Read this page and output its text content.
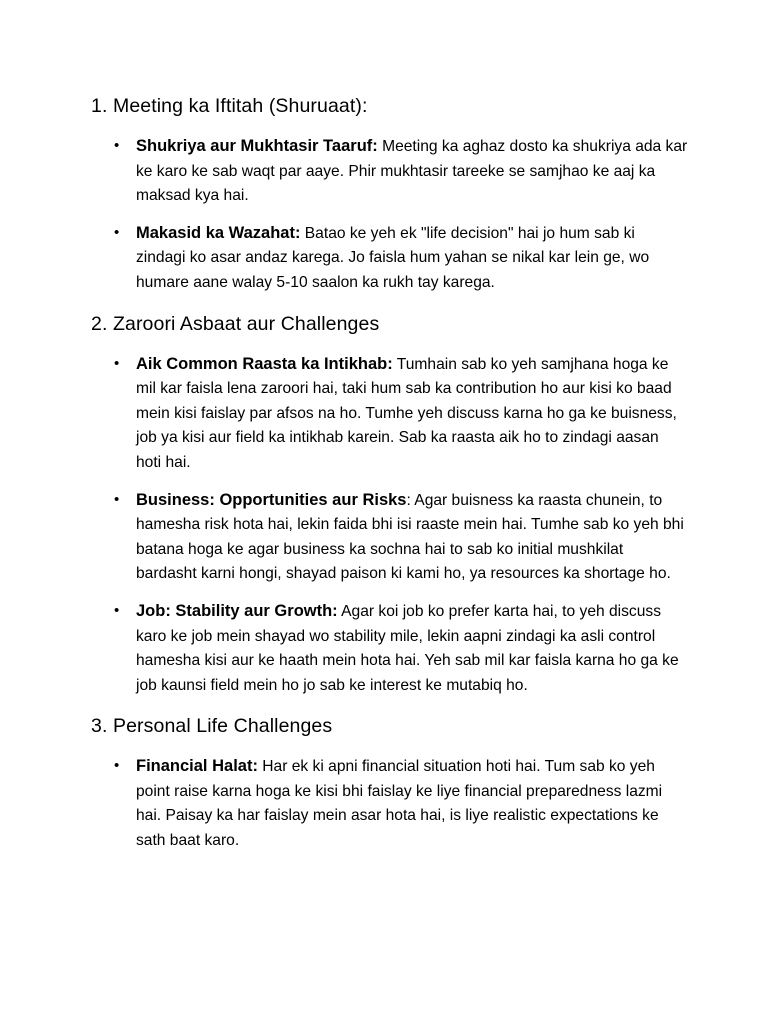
1. Meeting ka Iftitah (Shuruaat):
• Shukriya aur Mukhtasir Taaruf: Meeting ka aghaz dosto ka shukriya ada kar ke karo ke sab waqt par aaye. Phir mukhtasir tareeke se samjhao ke aaj ka maksad kya hai.
• Makasid ka Wazahat: Batao ke yeh ek "life decision" hai jo hum sab ki zindagi ko asar andaz karega. Jo faisla hum yahan se nikal kar lein ge, wo humare aane walay 5-10 saalon ka rukh tay karega.
2. Zaroori Asbaat aur Challenges
• Aik Common Raasta ka Intikhab: Tumhain sab ko yeh samjhana hoga ke mil kar faisla lena zaroori hai, taki hum sab ka contribution ho aur kisi ko baad mein kisi faislay par afsos na ho. Tumhe yeh discuss karna ho ga ke buisness, job ya kisi aur field ka intikhab karein. Sab ka raasta aik ho to zindagi aasan hoti hai.
• Business: Opportunities aur Risks: Agar buisness ka raasta chunein, to hamesha risk hota hai, lekin faida bhi isi raaste mein hai. Tumhe sab ko yeh bhi batana hoga ke agar business ka sochna hai to sab ko initial mushkilat bardasht karni hongi, shayad paison ki kami ho, ya resources ka shortage ho.
• Job: Stability aur Growth: Agar koi job ko prefer karta hai, to yeh discuss karo ke job mein shayad wo stability mile, lekin aapni zindagi ka asli control hamesha kisi aur ke haath mein hota hai. Yeh sab mil kar faisla karna ho ga ke job kaunsi field mein ho jo sab ke interest ke mutabiq ho.
3. Personal Life Challenges
• Financial Halat: Har ek ki apni financial situation hoti hai. Tum sab ko yeh point raise karna hoga ke kisi bhi faislay ke liye financial preparedness lazmi hai. Paisay ka har faislay mein asar hota hai, is liye realistic expectations ke sath baat karo.
